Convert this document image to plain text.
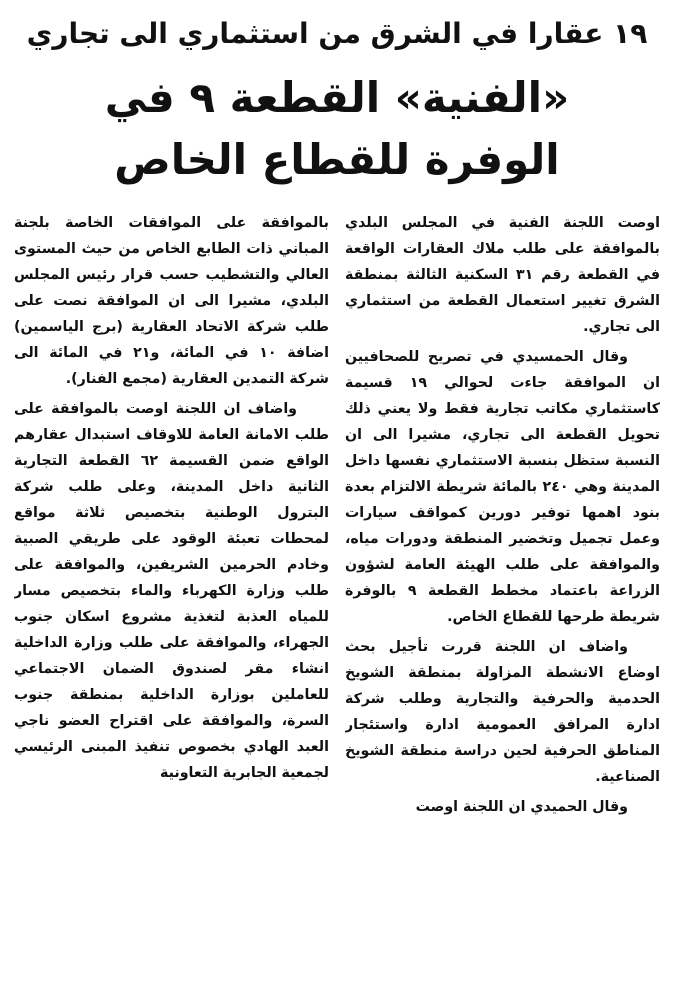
١٩ عقارا في الشرق من استثماري الى تجاري
«الفنية» القطعة ٩ في
الوفرة للقطاع الخاص

اوصت اللجنة الفنية في المجلس البلدي بالموافقة على طلب ملاك العقارات الواقعة في القطعة رقم ٣١ السكنية الثالثة بمنطقة الشرق تغيير استعمال القطعة من استثماري الى تجاري.

وقال الحمسيدي في تصريح للصحافيين ان الموافقة جاءت لحوالي ١٩ قسيمة كاستثماري مكاتب تجارية فقط ولا يعني ذلك تحويل القطعة الى تجاري، مشيرا الى ان النسبة ستظل بنسبة الاستثماري نفسها داخل المدينة وهي ٢٤٠ بالمائة شريطة الالتزام بعدة بنود اهمها توفير دورين كمواقف سيارات وعمل تجميل وتخضير المنطقة ودورات مياه، والموافقة على طلب الهيئة العامة لشؤون الزراعة باعتماد مخطط القطعة ٩ بالوفرة شريطة طرحها للقطاع الخاص.

واضاف ان اللجنة قررت تأجيل بحث اوضاع الانشطة المزاولة بمنطقة الشويخ الحدمية والحرفية والتجارية وطلب شركة ادارة المرافق العمومية ادارة واستئجار المناطق الحرفية لحين دراسة منطقة الشويخ الصناعية.

وقال الحميدي ان اللجنة اوصت

بالموافقة على الموافقات الخاصة بلجنة المباني ذات الطابع الخاص من حيث المستوى العالي والتشطيب حسب قرار رئيس المجلس البلدي، مشيرا الى ان الموافقة نصت على طلب شركة الاتحاد العقارية (برج الياسمين) اضافة ١٠ في المائة، و٢١ في المائة الى شركة التمدين العقارية (مجمع الفنار).

واضاف ان اللجنة اوصت بالموافقة على طلب الامانة العامة للاوقاف استبدال عقارهم الواقع ضمن القسيمة ٦٢ القطعة التجارية الثانية داخل المدينة، وعلى طلب شركة البترول الوطنية بتخصيص ثلاثة مواقع لمحطات تعبئة الوقود على طريقي الصبية وخادم الحرمين الشريفين، والموافقة على طلب وزارة الكهرباء والماء بتخصيص مسار للمياه العذبة لتغذية مشروع اسكان جنوب الجهراء، والموافقة على طلب وزارة الداخلية انشاء مقر لصندوق الضمان الاجتماعي للعاملين بوزارة الداخلية بمنطقة جنوب السرة، والموافقة على اقتراح العضو ناجي العبد الهادي بخصوص تنفيذ المبنى الرئيسي لجمعية الجابرية التعاونية
